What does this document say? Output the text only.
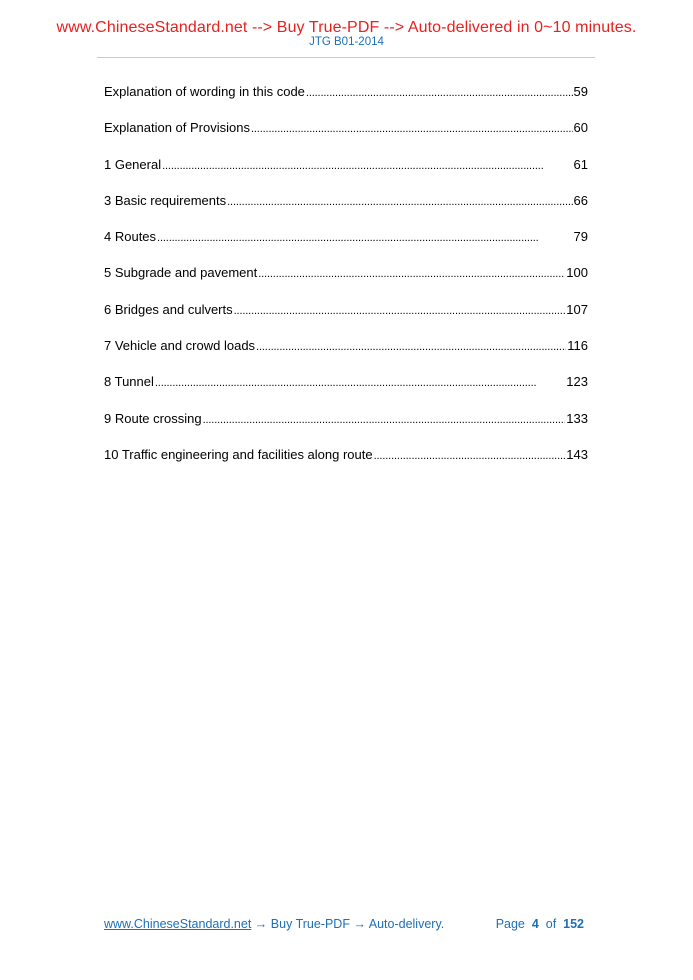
www.ChineseStandard.net --> Buy True-PDF --> Auto-delivered in 0~10 minutes.
JTG B01-2014
Explanation of wording in this code . . .	59
Explanation of Provisions . . .	60
1 General . . .	61
3 Basic requirements . . .	66
4 Routes . . .	79
5 Subgrade and pavement . . .	100
6 Bridges and culverts . . .	107
7 Vehicle and crowd loads . . .	116
8 Tunnel . . .	123
9 Route crossing . . .	133
10 Traffic engineering and facilities along route . . .	143
www.ChineseStandard.net → Buy True-PDF → Auto-delivery.	Page 4 of 152
